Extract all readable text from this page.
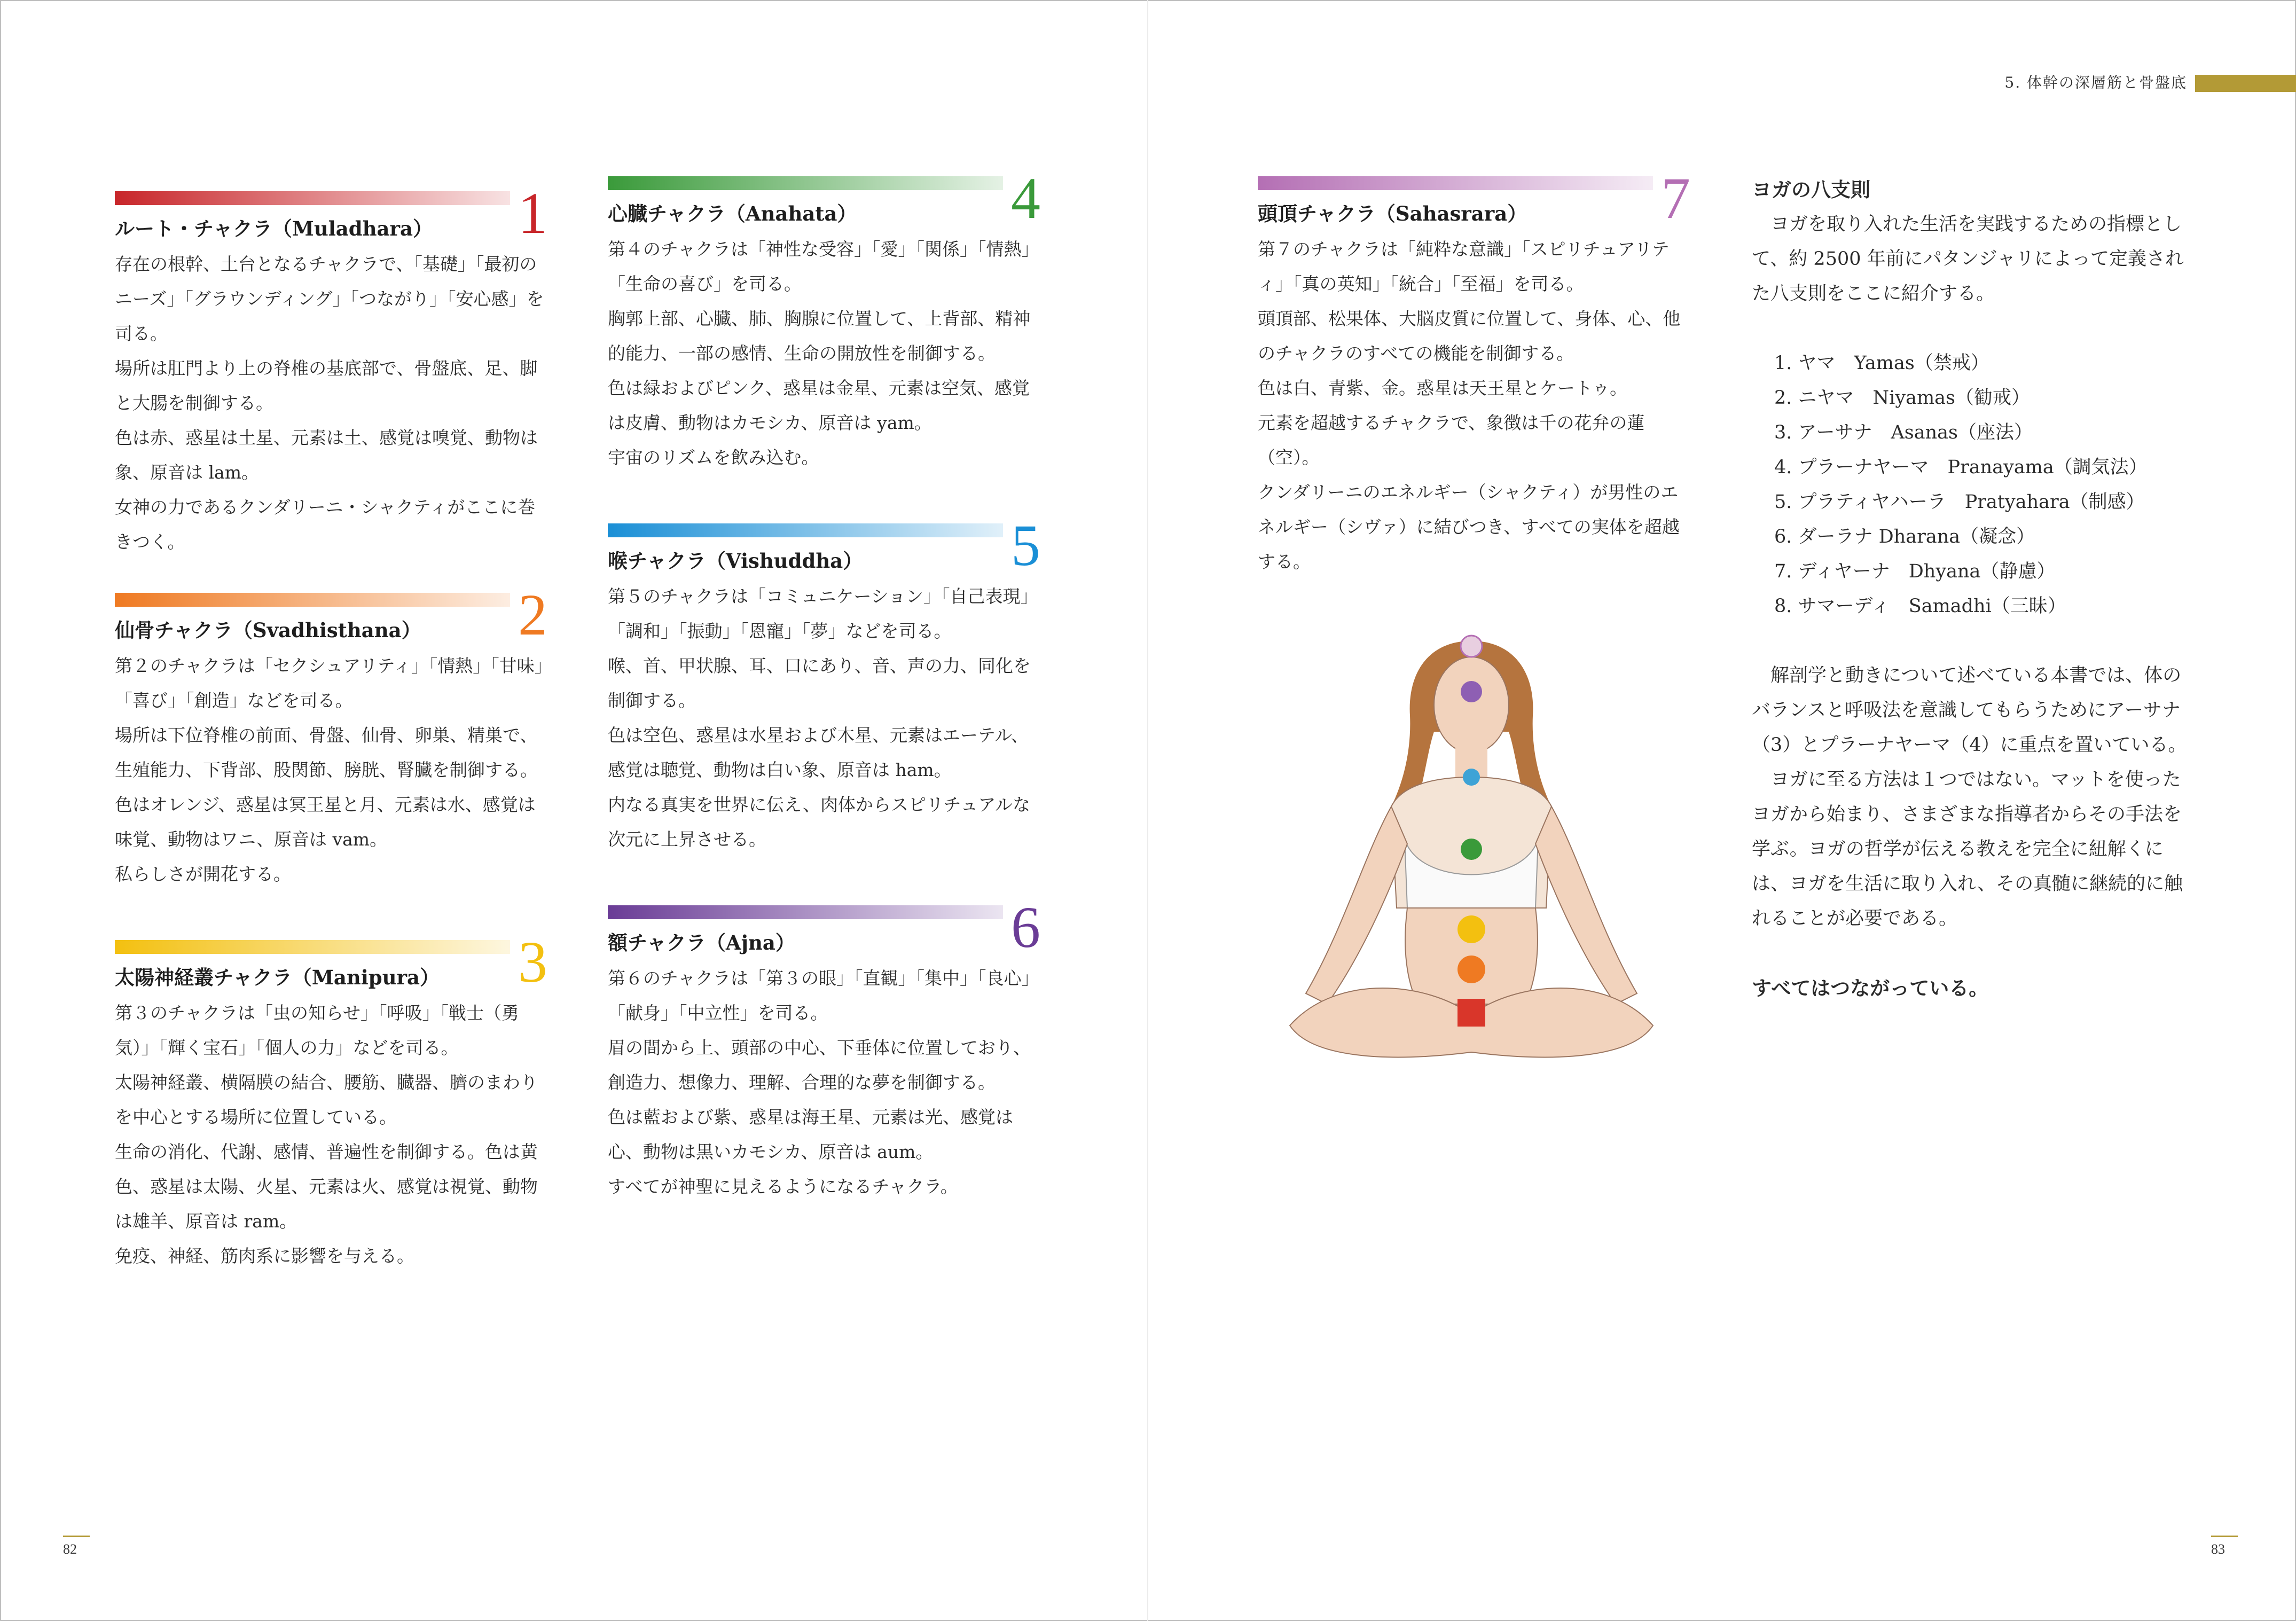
5. 体幹の深層筋と骨盤底
82	83
1
ルート・チャクラ（Muladhara）

存在の根幹、土台となるチャクラで、「基礎」「最初のニーズ」「グラウンディング」「つながり」「安心感」を司る。

場所は肛門より上の脊椎の基底部で、骨盤底、足、脚と大腸を制御する。

色は赤、惑星は土星、元素は土、感覚は嗅覚、動物は象、原音は lam。

女神の力であるクンダリーニ・シャクティがここに巻きつく。

2
仙骨チャクラ（Svadhisthana）

第２のチャクラは「セクシュアリティ」「情熱」「甘味」「喜び」「創造」などを司る。

場所は下位脊椎の前面、骨盤、仙骨、卵巣、精巣で、生殖能力、下背部、股関節、膀胱、腎臓を制御する。

色はオレンジ、惑星は冥王星と月、元素は水、感覚は味覚、動物はワニ、原音は vam。

私らしさが開花する。

3
太陽神経叢チャクラ（Manipura）

第３のチャクラは「虫の知らせ」「呼吸」「戦士（勇気）」「輝く宝石」「個人の力」などを司る。

太陽神経叢、横隔膜の結合、腰筋、臓器、臍のまわりを中心とする場所に位置している。

生命の消化、代謝、感情、普遍性を制御する。色は黄色、惑星は太陽、火星、元素は火、感覚は視覚、動物は雄羊、原音は ram。

免疫、神経、筋肉系に影響を与える。

4
心臓チャクラ（Anahata）

第４のチャクラは「神性な受容」「愛」「関係」「情熱」「生命の喜び」を司る。

胸郭上部、心臓、肺、胸腺に位置して、上背部、精神的能力、一部の感情、生命の開放性を制御する。

色は緑およびピンク、惑星は金星、元素は空気、感覚は皮膚、動物はカモシカ、原音は yam。

宇宙のリズムを飲み込む。

5
喉チャクラ（Vishuddha）

第５のチャクラは「コミュニケーション」「自己表現」「調和」「振動」「恩寵」「夢」などを司る。

喉、首、甲状腺、耳、口にあり、音、声の力、同化を制御する。

色は空色、惑星は水星および木星、元素はエーテル、感覚は聴覚、動物は白い象、原音は ham。

内なる真実を世界に伝え、肉体からスピリチュアルな次元に上昇させる。

6
額チャクラ（Ajna）

第６のチャクラは「第３の眼」「直観」「集中」「良心」「献身」「中立性」を司る。

眉の間から上、頭部の中心、下垂体に位置しており、創造力、想像力、理解、合理的な夢を制御する。

色は藍および紫、惑星は海王星、元素は光、感覚は心、動物は黒いカモシカ、原音は aum。

すべてが神聖に見えるようになるチャクラ。

7
頭頂チャクラ（Sahasrara）

第７のチャクラは「純粋な意識」「スピリチュアリティ」「真の英知」「統合」「至福」を司る。

頭頂部、松果体、大脳皮質に位置して、身体、心、他のチャクラのすべての機能を制御する。

色は白、青紫、金。惑星は天王星とケートゥ。

元素を超越するチャクラで、象徴は千の花弁の蓮（空）。

クンダリーニのエネルギー（シャクティ）が男性のエネルギー（シヴァ）に結びつき、すべての実体を超越する。

ヨガの八支則

ヨガを取り入れた生活を実践するための指標として、約 2500 年前にパタンジャリによって定義された八支則をここに紹介する。

1. ヤマ　Yamas（禁戒）
2. ニヤマ　Niyamas（勧戒）
3. アーサナ　Asanas（座法）
4. プラーナヤーマ　Pranayama（調気法）
5. プラティヤハーラ　Pratyahara（制感）
6. ダーラナ Dharana（凝念）
7. ディヤーナ　Dhyana（静慮）
8. サマーディ　Samadhi（三昧）

解剖学と動きについて述べている本書では、体のバランスと呼吸法を意識してもらうためにアーサナ（3）とプラーナヤーマ（4）に重点を置いている。

ヨガに至る方法は１つではない。マットを使ったヨガから始まり、さまざまな指導者からその手法を学ぶ。ヨガの哲学が伝える教えを完全に紐解くには、ヨガを生活に取り入れ、その真髄に継続的に触れることが必要である。

すべてはつながっている。
